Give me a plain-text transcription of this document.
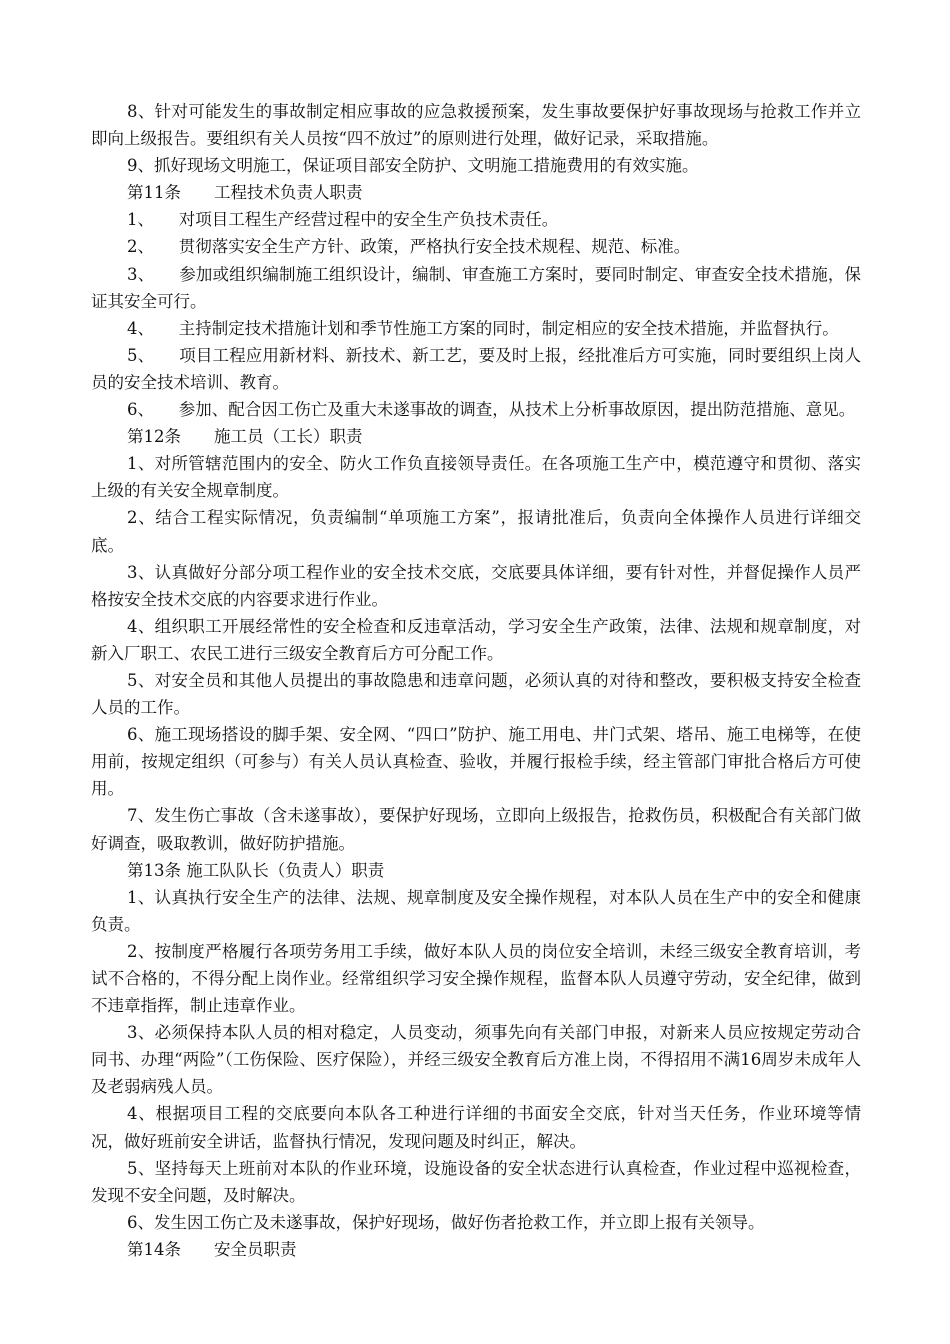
8、针对可能发生的事故制定相应事故的应急救援预案，发生事故要保护好事故现场与抢救工作并立即向上级报告。要组织有关人员按“四不放过”的原则进行处理，做好记录，采取措施。

9、抓好现场文明施工，保证项目部安全防护、文明施工措施费用的有效实施。

第11条　　工程技术负责人职责

1、　　对项目工程生产经营过程中的安全生产负技术责任。

2、　　贯彻落实安全生产方针、政策，严格执行安全技术规程、规范、标准。

3、　　参加或组织编制施工组织设计，编制、审查施工方案时，要同时制定、审查安全技术措施，保证其安全可行。

4、　　主持制定技术措施计划和季节性施工方案的同时，制定相应的安全技术措施，并监督执行。

5、　　项目工程应用新材料、新技术、新工艺，要及时上报，经批准后方可实施，同时要组织上岗人员的安全技术培训、教育。

6、　　参加、配合因工伤亡及重大未遂事故的调查，从技术上分析事故原因，提出防范措施、意见。

第12条　　施工员（工长）职责

1、对所管辖范围内的安全、防火工作负直接领导责任。在各项施工生产中，模范遵守和贯彻、落实上级的有关安全规章制度。

2、结合工程实际情况，负责编制“单项施工方案”，报请批准后，负责向全体操作人员进行详细交底。

3、认真做好分部分项工程作业的安全技术交底，交底要具体详细，要有针对性，并督促操作人员严格按安全技术交底的内容要求进行作业。

4、组织职工开展经常性的安全检查和反违章活动，学习安全生产政策，法律、法规和规章制度，对新入厂职工、农民工进行三级安全教育后方可分配工作。

5、对安全员和其他人员提出的事故隐患和违章问题，必须认真的对待和整改，要积极支持安全检查人员的工作。

6、施工现场搭设的脚手架、安全网、“四口”防护、施工用电、井门式架、塔吊、施工电梯等，在使用前，按规定组织（可参与）有关人员认真检查、验收，并履行报检手续，经主管部门审批合格后方可使用。

7、发生伤亡事故（含未遂事故），要保护好现场，立即向上级报告，抢救伤员，积极配合有关部门做好调查，吸取教训，做好防护措施。

第13条 施工队队长（负责人）职责

1、认真执行安全生产的法律、法规、规章制度及安全操作规程，对本队人员在生产中的安全和健康负责。

2、按制度严格履行各项劳务用工手续，做好本队人员的岗位安全培训，未经三级安全教育培训，考试不合格的，不得分配上岗作业。经常组织学习安全操作规程，监督本队人员遵守劳动，安全纪律，做到不违章指挥，制止违章作业。

3、必须保持本队人员的相对稳定，人员变动，须事先向有关部门申报，对新来人员应按规定劳动合同书、办理“两险”（工伤保险、医疗保险），并经三级安全教育后方准上岗，不得招用不满16周岁未成年人及老弱病残人员。

4、根据项目工程的交底要向本队各工种进行详细的书面安全交底，针对当天任务，作业环境等情况，做好班前安全讲话，监督执行情况，发现问题及时纠正，解决。

5、坚持每天上班前对本队的作业环境，设施设备的安全状态进行认真检查，作业过程中巡视检查，发现不安全问题，及时解决。

6、发生因工伤亡及未遂事故，保护好现场，做好伤者抢救工作，并立即上报有关领导。

第14条　　安全员职责
